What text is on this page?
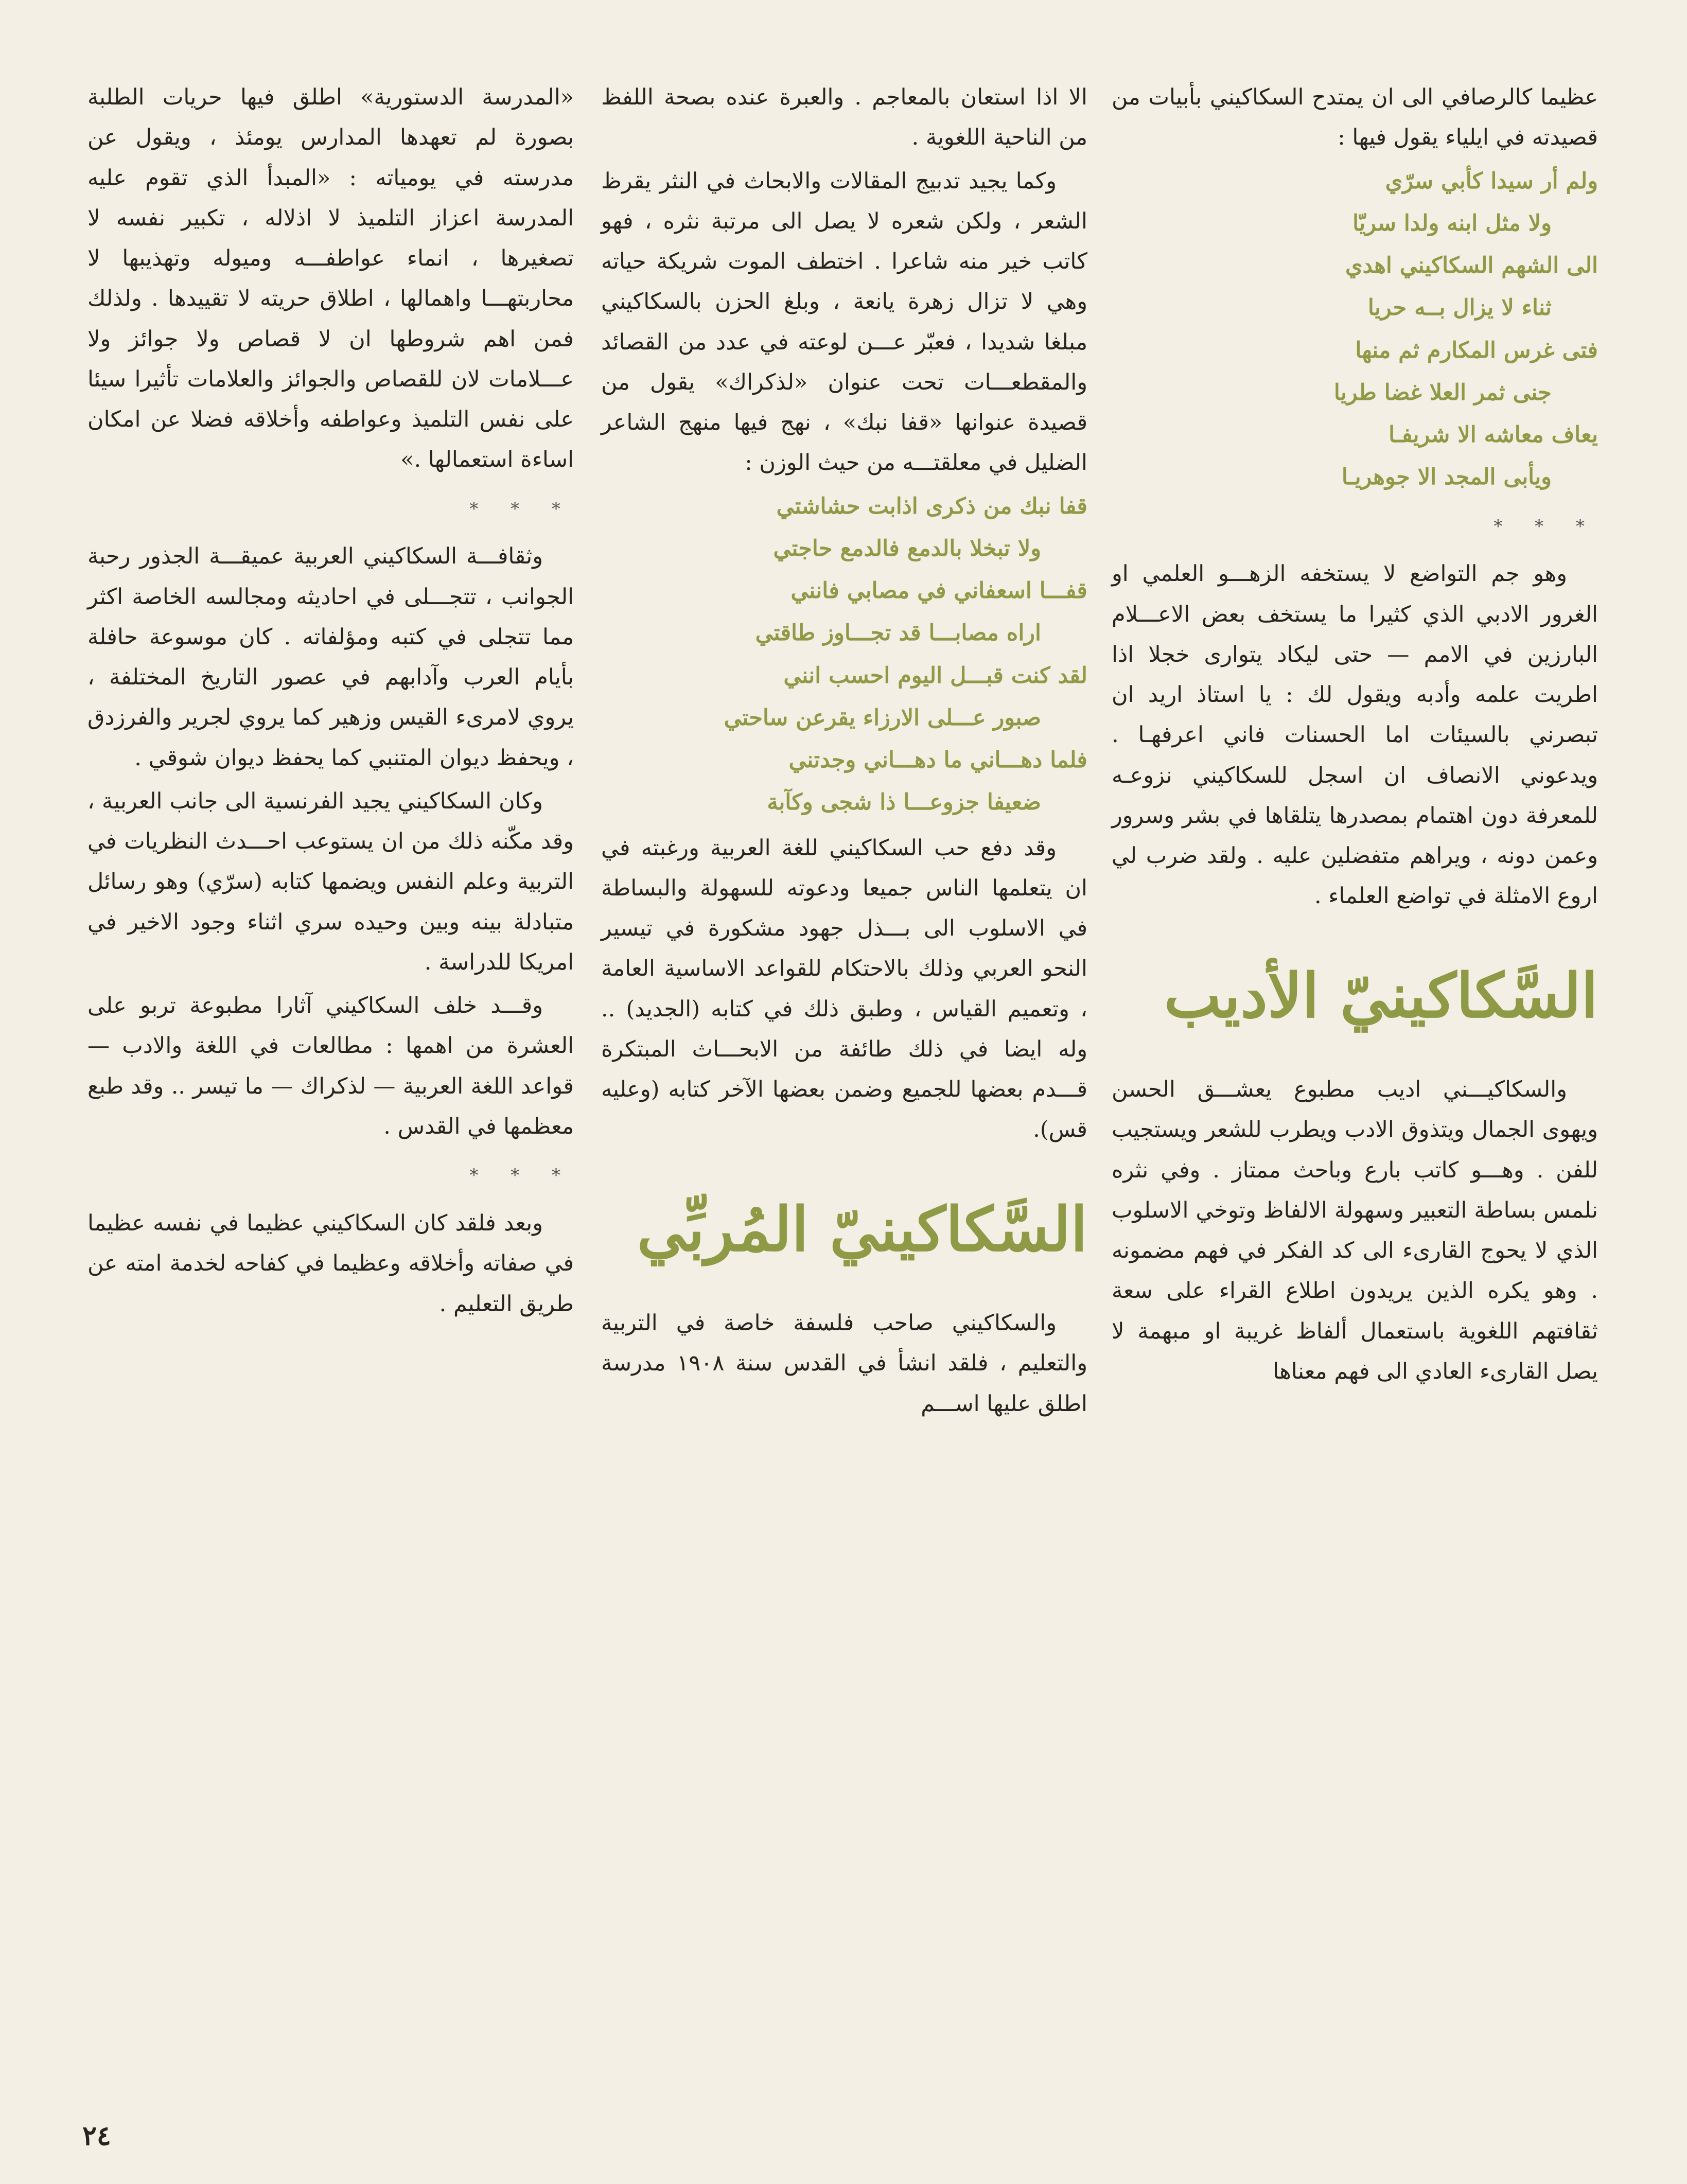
عظيما كالرصافي الى ان يمتدح السكاكيني بأبيات من قصيدته في ايلياء يقول فيها :

ولم أر سيدا كأبي سرّي
ولا مثل ابنه ولدا سريّا
الى الشهم السكاكيني اهدي
ثناء لا يزال بــه حريا
فتى غرس المكارم ثم منها
جنى ثمر العلا غضا طريا
يعاف معاشه الا شريفـا
ويأبى المجد الا جوهريـا
* * *

وهو جم التواضع لا يستخفه الزهـــو العلمي او الغرور الادبي الذي كثيرا ما يستخف بعض الاعـــلام البارزين في الامم — حتى ليكاد يتوارى خجلا اذا اطريت علمه وأدبه ويقول لك : يا استاذ اريد ان تبصرني بالسيئات اما الحسنات فاني اعرفهـا . ويدعوني الانصاف ان اسجل للسكاكيني نزوعـه للمعرفة دون اهتمام بمصدرها يتلقاها في بشر وسرور وعمن دونه ، ويراهم متفضلين عليه . ولقد ضرب لي اروع الامثلة في تواضع العلماء .

السَّكاكينيّ الأديب

والسكاكيـــني اديب مطبوع يعشـــق الحسن ويهوى الجمال ويتذوق الادب ويطرب للشعر ويستجيب للفن . وهـــو كاتب بارع وباحث ممتاز . وفي نثره نلمس بساطة التعبير وسهولة الالفاظ وتوخي الاسلوب الذي لا يحوج القارىء الى كد الفكر في فهم مضمونه . وهو يكره الذين يريدون اطلاع القراء على سعة ثقافتهم اللغوية باستعمال ألفاظ غريبة او مبهمة لا يصل القارىء العادي الى فهم معناها

الا اذا استعان بالمعاجم . والعبرة عنده بصحة اللفظ من الناحية اللغوية .

وكما يجيد تدبيج المقالات والابحاث في النثر يقرظ الشعر ، ولكن شعره لا يصل الى مرتبة نثره ، فهو كاتب خير منه شاعرا . اختطف الموت شريكة حياته وهي لا تزال زهرة يانعة ، وبلغ الحزن بالسكاكيني مبلغا شديدا ، فعبّر عـــن لوعته في عدد من القصائد والمقطعـــات تحت عنوان «لذكراك» يقول من قصيدة عنوانها «قفا نبك» ، نهج فيها منهج الشاعر الضليل في معلقتـــه من حيث الوزن :

قفا نبك من ذكرى اذابت حشاشتي
ولا تبخلا بالدمع فالدمع حاجتي
قفـــا اسعفاني في مصابي فانني
اراه مصابـــا قد تجـــاوز طاقتي
لقد كنت قبـــل اليوم احسب انني
صبور عـــلى الارزاء يقرعن ساحتي
فلما دهـــاني ما دهـــاني وجدتني
ضعيفا جزوعـــا ذا شجى وكآبة

وقد دفع حب السكاكيني للغة العربية ورغبته في ان يتعلمها الناس جميعا ودعوته للسهولة والبساطة في الاسلوب الى بـــذل جهود مشكورة في تيسير النحو العربي وذلك بالاحتكام للقواعد الاساسية العامة ، وتعميم القياس ، وطبق ذلك في كتابه (الجديد) .. وله ايضا في ذلك طائفة من الابحـــاث المبتكرة قـــدم بعضها للجميع وضمن بعضها الآخر كتابه (وعليه قس).

السَّكاكينيّ المُربِّي

والسكاكيني صاحب فلسفة خاصة في التربية والتعليم ، فلقد انشأ في القدس سنة ١٩٠٨ مدرسة اطلق عليها اســـم

«المدرسة الدستورية» اطلق فيها حريات الطلبة بصورة لم تعهدها المدارس يومئذ ، ويقول عن مدرسته في يومياته : «المبدأ الذي تقوم عليه المدرسة اعزاز التلميذ لا اذلاله ، تكبير نفسه لا تصغيرها ، انماء عواطفـــه وميوله وتهذيبها لا محاربتهـــا واهمالها ، اطلاق حريته لا تقييدها . ولذلك فمن اهم شروطها ان لا قصاص ولا جوائز ولا عـــلامات لان للقصاص والجوائز والعلامات تأثيرا سيئا على نفس التلميذ وعواطفه وأخلاقه فضلا عن امكان اساءة استعمالها .»

* * *

وثقافـــة السكاكيني العربية عميقـــة الجذور رحبة الجوانب ، تتجـــلى في احاديثه ومجالسه الخاصة اكثر مما تتجلى في كتبه ومؤلفاته . كان موسوعة حافلة بأيام العرب وآدابهم في عصور التاريخ المختلفة ، يروي لامرىء القيس وزهير كما يروي لجرير والفرزدق ، ويحفظ ديوان المتنبي كما يحفظ ديوان شوقي .

وكان السكاكيني يجيد الفرنسية الى جانب العربية ، وقد مكّنه ذلك من ان يستوعب احـــدث النظريات في التربية وعلم النفس ويضمها كتابه (سرّي) وهو رسائل متبادلة بينه وبين وحيده سري اثناء وجود الاخير في امريكا للدراسة .

وقـــد خلف السكاكيني آثارا مطبوعة تربو على العشرة من اهمها : مطالعات في اللغة والادب — قواعد اللغة العربية — لذكراك — ما تيسر .. وقد طبع معظمها في القدس .

* * *

وبعد فلقد كان السكاكيني عظيما في نفسه عظيما في صفاته وأخلاقه وعظيما في كفاحه لخدمة امته عن طريق التعليم .

٢٤
